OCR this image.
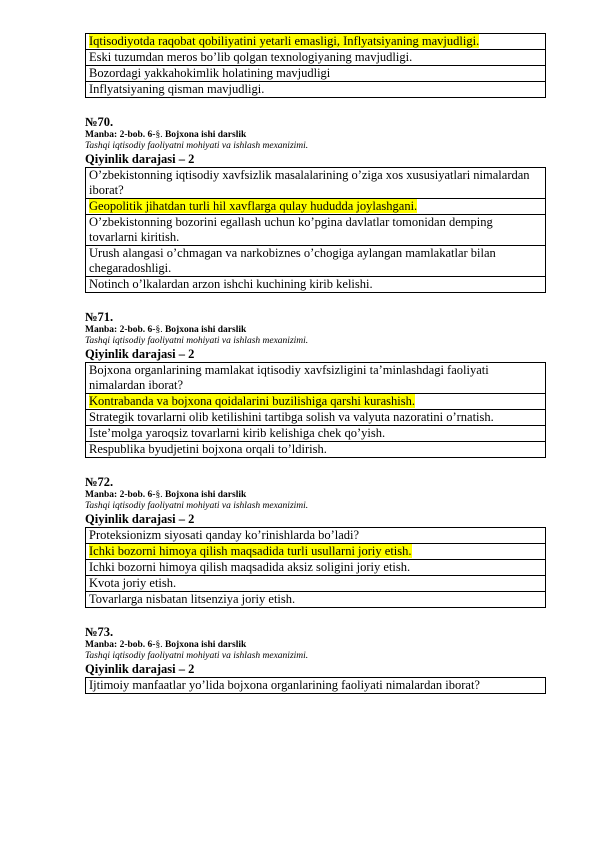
Iqtisodiyotda raqobat qobiliyatini yetarli emasligi, Inflyatsiyaning mavjudligi.
Eski tuzumdan meros bo’lib qolgan texnologiyaning mavjudligi.
Bozordagi yakkahokimlik holatining mavjudligi
Inflyatsiyaning qisman mavjudligi.
№70.
Manba: 2-bob. 6-§. Bojxona ishi darslik
Tashqi iqtisodiy faoliyatni mohiyati va ishlash mexanizimi.
Qiyinlik darajasi – 2
O’zbekistonning iqtisodiy xavfsizlik masalalarining o’ziga xos xususiyatlari nimalardan iborat?
Geopolitik jihatdan turli hil xavflarga qulay hududda joylashgani.
O’zbekistonning bozorini egallash uchun ko’pgina davlatlar tomonidan demping tovarlarni kiritish.
Urush alangasi o’chmagan va narkobiznes o’chogiga aylangan mamlakatlar bilan chegaradoshligi.
Notinch o’lkalardan arzon ishchi kuchining kirib kelishi.
№71.
Manba: 2-bob. 6-§. Bojxona ishi darslik
Tashqi iqtisodiy faoliyatni mohiyati va ishlash mexanizimi.
Qiyinlik darajasi – 2
Bojxona organlarining mamlakat iqtisodiy xavfsizligini ta’minlashdagi faoliyati nimalardan iborat?
Kontrabanda va bojxona qoidalarini buzilishiga qarshi kurashish.
Strategik tovarlarni olib ketilishini tartibga solish va valyuta nazoratini o’rnatish.
Iste’molga yaroqsiz tovarlarni kirib kelishiga chek qo’yish.
Respublika byudjetini bojxona orqali to’ldirish.
№72.
Manba: 2-bob. 6-§. Bojxona ishi darslik
Tashqi iqtisodiy faoliyatni mohiyati va ishlash mexanizimi.
Qiyinlik darajasi – 2
Proteksionizm siyosati qanday ko’rinishlarda bo’ladi?
Ichki bozorni himoya qilish maqsadida turli usullarni joriy etish.
Ichki bozorni himoya qilish maqsadida aksiz soligini joriy etish.
Kvota joriy etish.
Tovarlarga nisbatan litsenziya joriy etish.
№73.
Manba: 2-bob. 6-§. Bojxona ishi darslik
Tashqi iqtisodiy faoliyatni mohiyati va ishlash mexanizimi.
Qiyinlik darajasi – 2
Ijtimoiy manfaatlar yo’lida bojxona organlarining faoliyati nimalardan iborat?
